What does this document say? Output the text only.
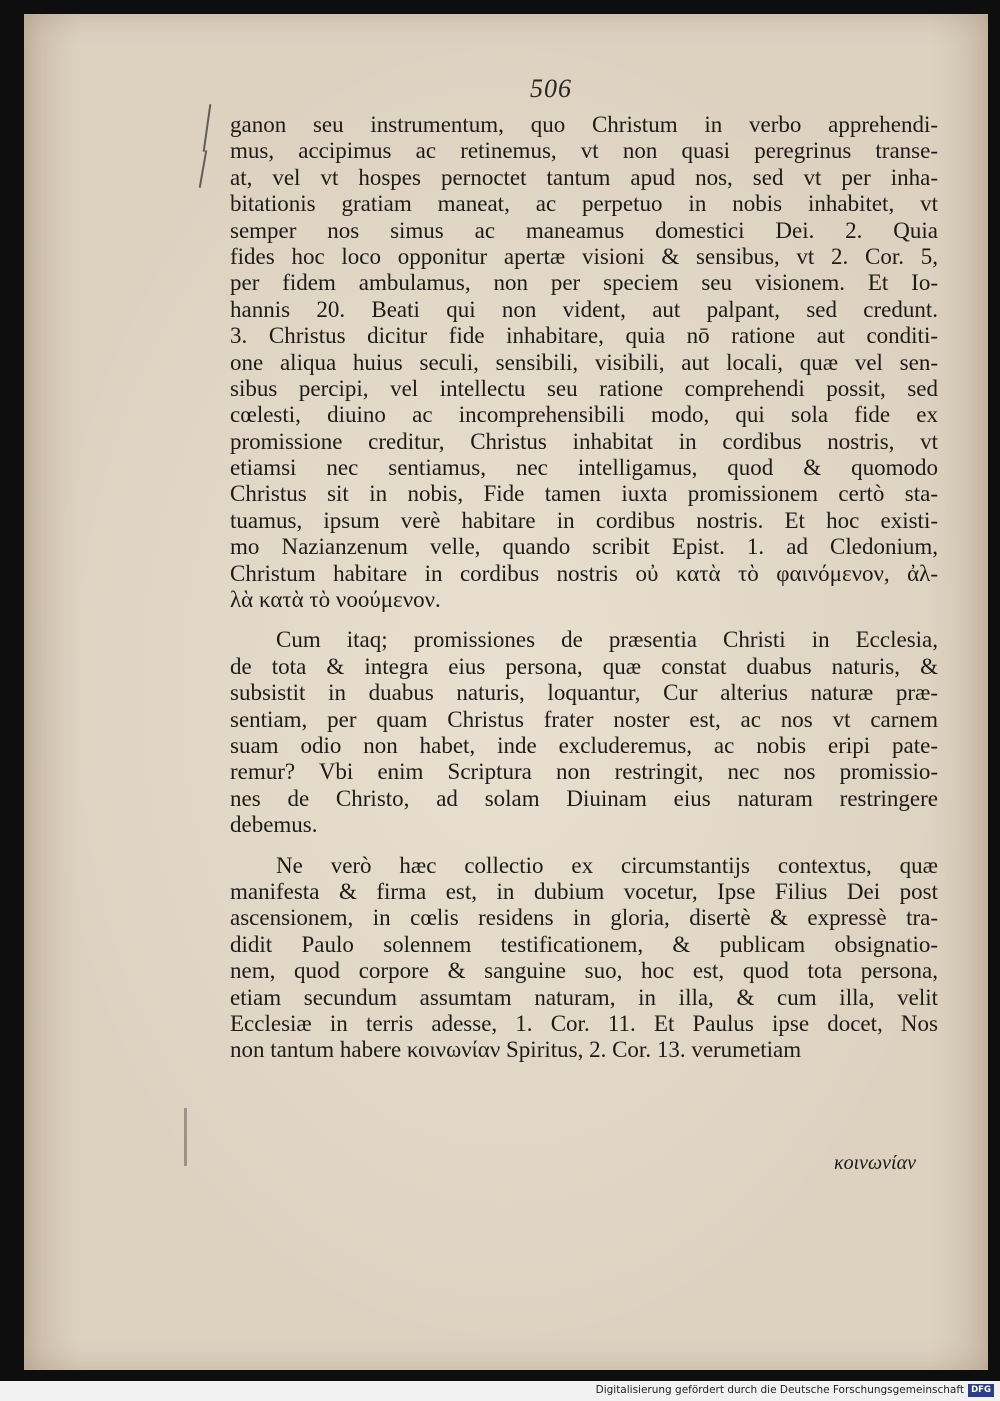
506
ganon seu instrumentum, quo Christum in verbo apprehendi-
mus, accipimus ac retinemus, vt non quasi peregrinus transe-
at, vel vt hospes pernoctet tantum apud nos, sed vt per inha-
bitationis gratiam maneat, ac perpetuo in nobis inhabitet, vt
semper nos simus ac maneamus domestici Dei. 2. Quia
fides hoc loco opponitur apertæ visioni & sensibus, vt 2. Cor. 5,
per fidem ambulamus, non per speciem seu visionem. Et Io-
hannis 20. Beati qui non vident, aut palpant, sed credunt.
3. Christus dicitur fide inhabitare, quia nō ratione aut conditi-
one aliqua huius seculi, sensibili, visibili, aut locali, quæ vel sen-
sibus percipi, vel intellectu seu ratione comprehendi possit, sed
cœlesti, diuino ac incomprehensibili modo, qui sola fide ex
promissione creditur, Christus inhabitat in cordibus nostris, vt
etiamsi nec sentiamus, nec intelligamus, quod & quomodo
Christus sit in nobis, Fide tamen iuxta promissionem certò sta-
tuamus, ipsum verè habitare in cordibus nostris. Et hoc existi-
mo Nazianzenum velle, quando scribit Epist. 1. ad Cledonium,
Christum habitare in cordibus nostris οὐ κατὰ τὸ φαινόμενον, ἀλ-
λὰ κατὰ τὸ νοούμενον.
Cum itaq; promissiones de præsentia Christi in Ecclesia,
de tota & integra eius persona, quæ constat duabus naturis, &
subsistit in duabus naturis, loquantur, Cur alterius naturæ præ-
sentiam, per quam Christus frater noster est, ac nos vt carnem
suam odio non habet, inde excluderemus, ac nobis eripi pate-
remur? Vbi enim Scriptura non restringit, nec nos promissio-
nes de Christo, ad solam Diuinam eius naturam restringere
debemus.
Ne verò hæc collectio ex circumstantijs contextus, quæ
manifesta & firma est, in dubium vocetur, Ipse Filius Dei post
ascensionem, in cœlis residens in gloria, disertè & expressè tra-
didit Paulo solennem testificationem, & publicam obsignatio-
nem, quod corpore & sanguine suo, hoc est, quod tota persona,
etiam secundum assumtam naturam, in illa, & cum illa, velit
Ecclesiæ in terris adesse, 1. Cor. 11. Et Paulus ipse docet, Nos
non tantum habere κοινωνίαν Spiritus, 2. Cor. 13. verumetiam
κοινωνίαν
Digitalisierung gefördert durch die Deutsche Forschungsgemeinschaft DFG
